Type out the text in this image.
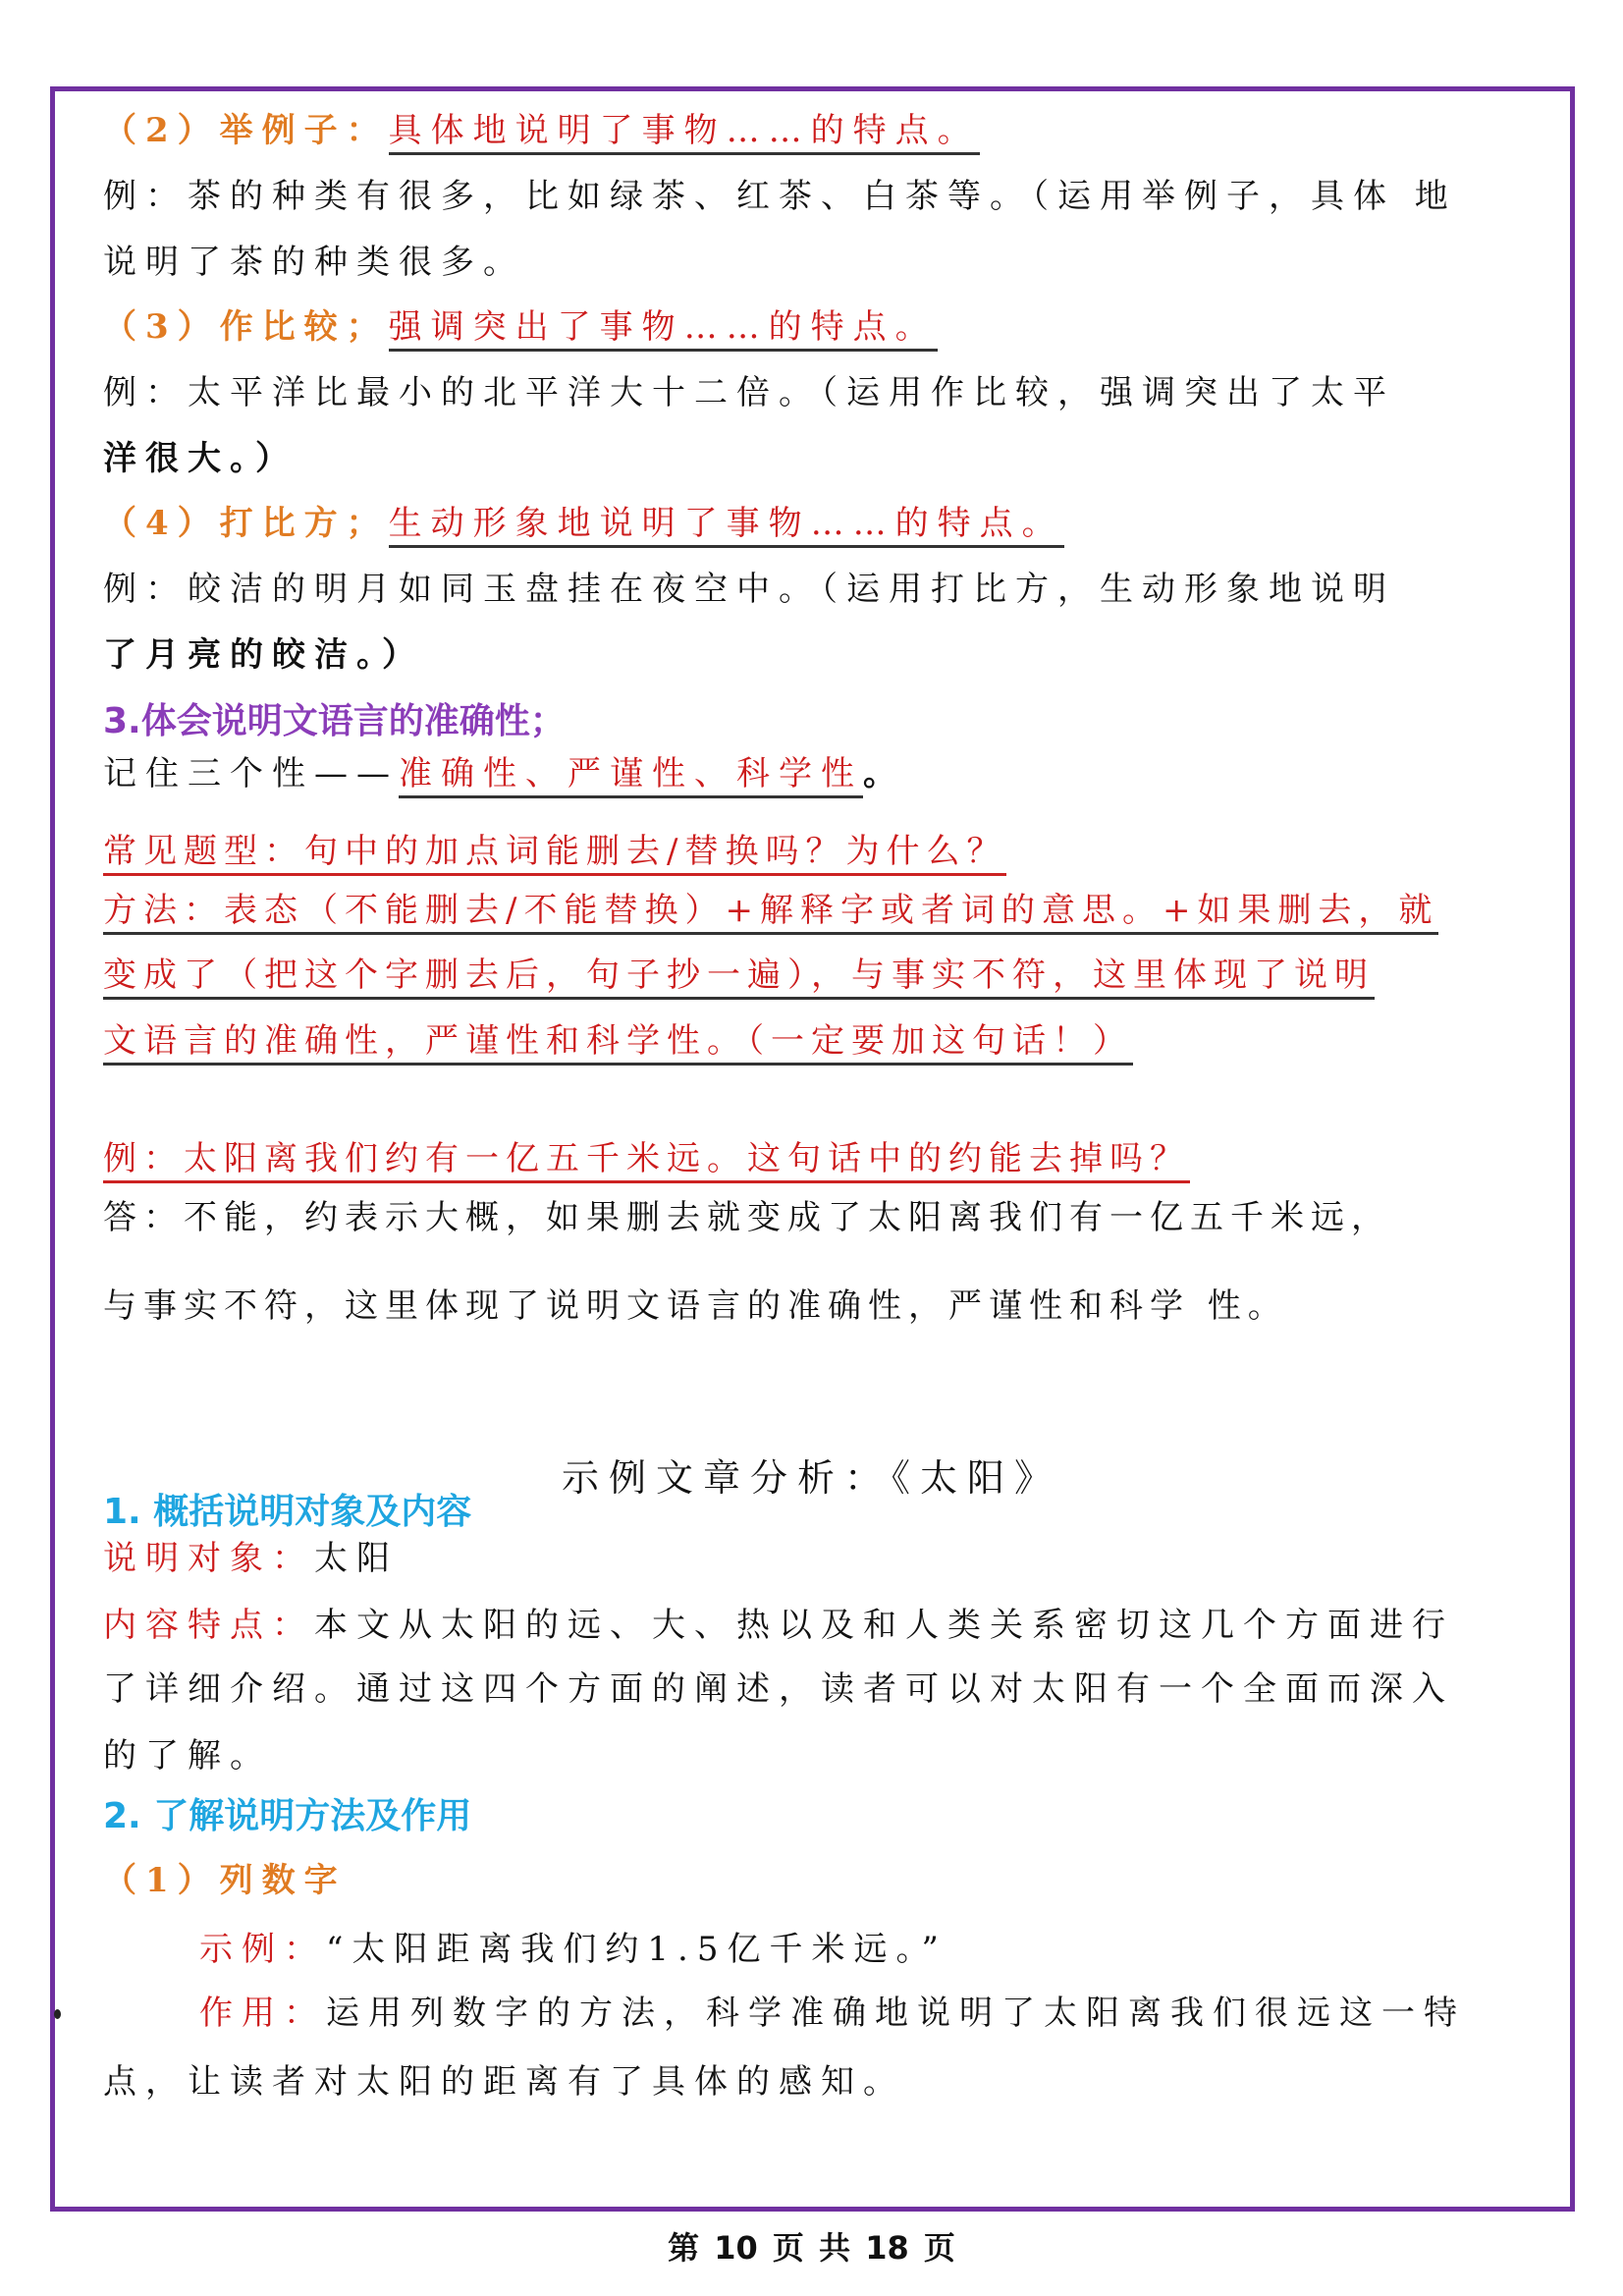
（2）举例子：具体地说明了事物……的特点。
例：茶的种类有很多，比如绿茶、红茶、白茶等。（运用举例子，具体 地
说明了茶的种类很多。
（3）作比较；强调突出了事物……的特点。
例：太平洋比最小的北平洋大十二倍。（运用作比较，强调突出了太平
洋很大。）
（4）打比方；生动形象地说明了事物……的特点。
例：皎洁的明月如同玉盘挂在夜空中。（运用打比方，生动形象地说明
了月亮的皎洁。）
3.体会说明文语言的准确性；
记住三个性——准确性、严谨性、科学性。
常见题型：句中的加点词能删去/替换吗？为什么？
方法：表态（不能删去/不能替换）+解释字或者词的意思。+如果删去，就
变成了（把这个字删去后，句子抄一遍），与事实不符，这里体现了说明
文语言的准确性，严谨性和科学性。（一定要加这句话！）
例：太阳离我们约有一亿五千米远。这句话中的约能去掉吗？
答：不能，约表示大概，如果删去就变成了太阳离我们有一亿五千米远，
与事实不符，这里体现了说明文语言的准确性，严谨性和科学 性。
示例文章分析：《太阳》
1. 概括说明对象及内容
说明对象：太阳
内容特点：本文从太阳的远、大、热以及和人类关系密切这几个方面进行
了详细介绍。通过这四个方面的阐述，读者可以对太阳有一个全面而深入
的了解。
2. 了解说明方法及作用
（1）列数字
示例：“太阳距离我们约1.5亿千米远。”
作用：运用列数字的方法，科学准确地说明了太阳离我们很远这一特
点，让读者对太阳的距离有了具体的感知。
第 10 页 共 18 页
